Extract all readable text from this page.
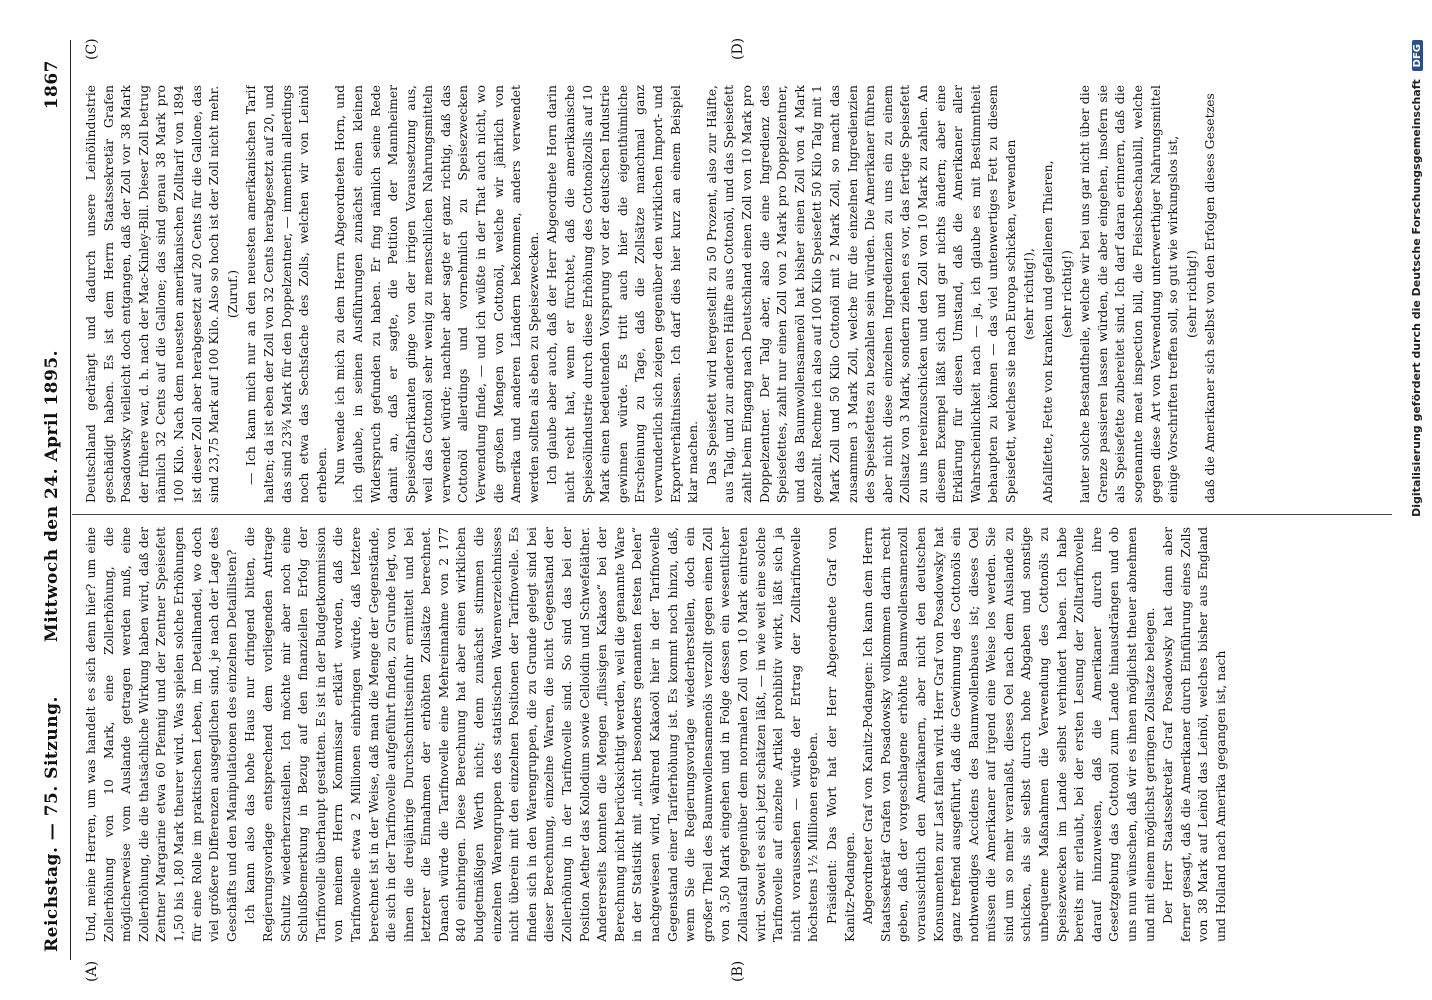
Reichstag. — 75. Sitzung.
Mittwoch den 24. April 1895.
1867
(A)	(B)
(C)	(D)

Und, meine Herren, um was handelt es sich denn hier? um eine Zollerhöhung von 10 Mark, eine Zollerhöhung, die möglicherweise vom Auslande getragen werden muß, eine Zollerhöhung, die die thatsächliche Wirkung haben wird, daß der Zentner Margarine etwa 60 Pfennig und der Zentner Speisefett 1,50 bis 1,80 Mark theurer wird. Was spielen solche Erhöhungen für eine Rolle im praktischen Leben, im Detailhandel, wo doch viel größere Differenzen ausgeglichen sind, je nach der Lage des Geschäfts und den Manipulationen des einzelnen Detaillisten? Ich kann also das hohe Haus nur dringend bitten, die Regierungsvorlage entsprechend dem vorliegenden Antrage Schultz wiederherzustellen. Ich möchte mir aber noch eine Schlußbemerkung in Bezug auf den finanziellen Erfolg der Tarifnovelle überhaupt gestatten. Es ist in der Budgetkommission von meinem Herrn Kommissar erklärt worden, daß die Tarifnovelle etwa 2 Millionen einbringen würde, daß letztere berechnet ist in der Weise, daß man die Menge der Gegenstände, die sich in der Tarifnovelle aufgeführt finden, zu Grunde legt, von ihnen die dreijährige Durchschnittseinfuhr ermittelt und bei letzterer die Einnahmen der erhöhten Zollsätze berechnet. Danach würde die Tarifnovelle eine Mehreinnahme von 2 177 840 einbringen. Diese Berechnung hat aber einen wirklichen budgetmäßigen Werth nicht; denn zunächst stimmen die einzelnen Warengruppen des statistischen Warenverzeichnisses nicht überein mit den einzelnen Positionen der Tarifnovelle. Es finden sich in den Warengruppen, die zu Grunde gelegt sind bei dieser Berechnung, einzelne Waren, die nicht Gegenstand der Zollerhöhung in der Tarifnovelle sind. So sind das bei der Position Aether das Kollodium sowie Celloidin und Schwefeläther. Andererseits konnten die Mengen „flüssigen Kakaos“ bei der Berechnung nicht berücksichtigt werden, weil die genannte Ware in der Statistik mit „nicht besonders genannten festen Delen“ nachgewiesen wird, während Kakaoöl hier in der Tarifnovelle Gegenstand einer Tariferhöhung ist. Es kommt noch hinzu, daß, wenn Sie die Regierungsvorlage wiederherstellen, doch ein großer Theil des Baumwollensamenöls verzollt gegen einen Zoll von 3,50 Mark eingehen und in Folge dessen ein wesentlicher Zollausfall gegenüber dem normalen Zoll von 10 Mark eintreten wird. Soweit es sich jetzt schätzen läßt, — in wie weit eine solche Tarifnovelle auf einzelne Artikel prohibitiv wirkt, läßt sich ja nicht voraussehen — würde der Ertrag der Zolltarifnovelle höchstens 1½ Millionen ergeben. Präsident: Das Wort hat der Herr Abgeordnete Graf von Kanitz-Podangen. Abgeordneter Graf von Kanitz-Podangen: Ich kann dem Herrn Staatssekretär Grafen von Posadowsky vollkommen darin recht geben, daß der vorgeschlagene erhöhte Baumwollensamenzoll voraussichtlich den Amerikanern, aber nicht den deutschen Konsumenten zur Last fallen wird. Herr Graf von Posadowsky hat ganz treffend ausgeführt, daß die Gewinnung des Cottonöls ein nothwendiges Accidens des Baumwollenbaues ist; dieses Oel müssen die Amerikaner auf irgend eine Weise los werden. Sie sind um so mehr veranlaßt, dieses Oel nach dem Auslande zu schicken, als sie selbst durch hohe Abgaben und sonstige unbequeme Maßnahmen die Verwendung des Cottonöls zu Speisezwecken im Lande selbst verhindert haben. Ich habe bereits mir erlaubt, bei der ersten Lesung der Zolltarifnovelle darauf hinzuweisen, daß die Amerikaner durch ihre Gesetzgebung das Cottonöl zum Lande hinausdrängen und ob uns nun wünschen, daß wir es ihnen möglichst theuer abnehmen und mit einem möglichst geringen Zollsatze belegen. Der Herr Staatssekretär Graf Posadowsky hat dann aber ferner gesagt, daß die Amerikaner durch Einführung eines Zolls von 38 Mark auf Leinöl das Leinöl, welches bisher aus England und Holland nach Amerika gegangen ist, nach

Deutschland gedrängt und dadurch unsere Leinölindustrie geschädigt haben. Es ist dem Herrn Staatssekretär Grafen Posadowsky vielleicht doch entgangen, daß der Zoll vor 38 Mark der frühere war, d. h. nach der Mac-Kinley-Bill. Dieser Zoll betrug nämlich 32 Cents auf die Gallone; das sind genau 38 Mark pro 100 Kilo. Nach dem neuesten amerikanischen Zolltarif von 1894 ist dieser Zoll aber herabgesetzt auf 20 Cents für die Gallone, das sind 23,75 Mark auf 100 Kilo. Also so hoch ist der Zoll nicht mehr. (Zuruf.) — Ich kann mich nur an den neuesten amerikanischen Tarif halten; da ist eben der Zoll von 32 Cents herabgesetzt auf 20, und das sind 23¾ Mark für den Doppelzentner, — immerhin allerdings noch etwa das Sechsfache des Zolls, welchen wir von Leinöl erheben. Nun wende ich mich zu dem Herrn Abgeordneten Horn, und ich glaube, in seinen Ausführungen zunächst einen kleinen Widerspruch gefunden zu haben. Er fing nämlich seine Rede damit an, daß er sagte, die Petition der Mannheimer Speiseölfabrikanten ginge von der irrigen Voraussetzung aus, weil das Cottonöl sehr wenig zu menschlichen Nahrungsmitteln verwendet würde; nachher aber sagte er ganz richtig, daß das Cottonöl allerdings und vornehmlich zu Speisezwecken Verwendung finde, — und ich wüßte in der That auch nicht, wo die großen Mengen von Cottonöl, welche wir jährlich von Amerika und anderen Ländern bekommen, anders verwendet werden sollten als eben zu Speisezwecken. Ich glaube aber auch, daß der Herr Abgeordnete Horn darin nicht recht hat, wenn er fürchtet, daß die amerikanische Speiseölindustrie durch diese Erhöhung des Cottonölzolls auf 10 Mark einen bedeutenden Vorsprung vor der deutschen Industrie gewinnen würde. Es tritt auch hier die eigenthümliche Erscheinung zu Tage, daß die Zollsätze manchmal ganz verwunderlich sich zeigen gegenüber den wirklichen Import- und Exportverhältnissen. Ich darf dies hier kurz an einem Beispiel klar machen. Das Speisefett wird hergestellt zu 50 Prozent, also zur Hälfte, aus Talg, und zur anderen Hälfte aus Cottonöl, und das Speisefett zahlt beim Eingang nach Deutschland einen Zoll von 10 Mark pro Doppelzentner. Der Talg aber, also die eine Ingredienz des Speisefettes, zahlt nur einen Zoll von 2 Mark pro Doppelzentner, und das Baumwollensamenöl hat bisher einen Zoll von 4 Mark gezahlt. Rechne ich also auf 100 Kilo Speisefett 50 Kilo Talg mit 1 Mark Zoll und 50 Kilo Cottonöl mit 2 Mark Zoll, so macht das zusammen 3 Mark Zoll, welche für die einzelnen Ingredienzien des Speisefettes zu bezahlen sein würden. Die Amerikaner führen aber nicht diese einzelnen Ingredienzien zu uns ein zu einem Zollsatz von 3 Mark, sondern ziehen es vor, das fertige Speisefett zu uns hereinzuschicken und den Zoll von 10 Mark zu zahlen. An diesem Exempel läßt sich und gar nichts ändern; aber eine Erklärung für diesen Umstand, daß die Amerikaner aller Wahrscheinlichkeit nach — ja, ich glaube es mit Bestimmtheit behaupten zu können — das viel untenwertiges Fett zu diesem Speisefett, welches sie nach Europa schicken, verwenden (sehr richtig!), Abfallfette, Fette von kranken und gefallenen Thieren, (sehr richtig!) lauter solche Bestandtheile, welche wir bei uns gar nicht über die Grenze passieren lassen würden, die aber eingehen, insofern sie als Speisefette zubereitet sind. Ich darf daran erinnern, daß die sogenannte meat inspection bill, die Fleischbeschaubill, welche gegen diese Art von Verwendung unterwerthiger Nahrungsmittel einige Vorschriften treffen soll, so gut wie wirkungslos ist, (sehr richtig!) daß die Amerikaner sich selbst von den Erfolgen dieses Gesetzes	Digitalisierung gefördert durch die Deutsche Forschungsgemeinschaft DFG
